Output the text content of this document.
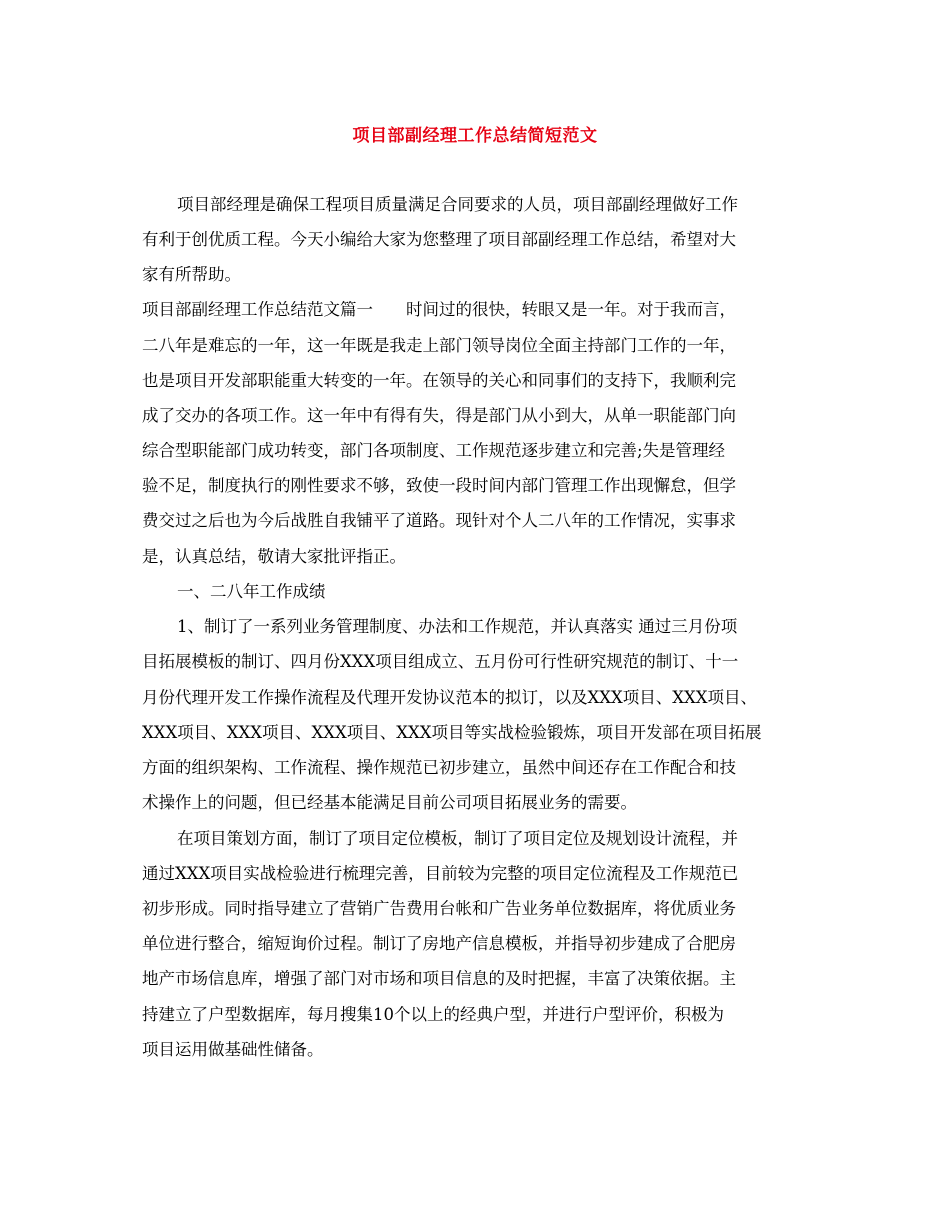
项目部副经理工作总结简短范文
项目部经理是确保工程项目质量满足合同要求的人员，项目部副经理做好工作
有利于创优质工程。今天小编给大家为您整理了项目部副经理工作总结，希望对大
家有所帮助。
项目部副经理工作总结范文篇一　　时间过的很快，转眼又是一年。对于我而言，
二八年是难忘的一年，这一年既是我走上部门领导岗位全面主持部门工作的一年，
也是项目开发部职能重大转变的一年。在领导的关心和同事们的支持下，我顺利完
成了交办的各项工作。这一年中有得有失，得是部门从小到大，从单一职能部门向
综合型职能部门成功转变，部门各项制度、工作规范逐步建立和完善;失是管理经
验不足，制度执行的刚性要求不够，致使一段时间内部门管理工作出现懈怠，但学
费交过之后也为今后战胜自我铺平了道路。现针对个人二八年的工作情况，实事求
是，认真总结，敬请大家批评指正。
一、二八年工作成绩
1、制订了一系列业务管理制度、办法和工作规范，并认真落实 通过三月份项
目拓展模板的制订、四月份XXX项目组成立、五月份可行性研究规范的制订、十一
月份代理开发工作操作流程及代理开发协议范本的拟订，以及XXX项目、XXX项目、
XXX项目、XXX项目、XXX项目、XXX项目等实战检验锻炼，项目开发部在项目拓展
方面的组织架构、工作流程、操作规范已初步建立，虽然中间还存在工作配合和技
术操作上的问题，但已经基本能满足目前公司项目拓展业务的需要。
在项目策划方面，制订了项目定位模板，制订了项目定位及规划设计流程，并
通过XXX项目实战检验进行梳理完善，目前较为完整的项目定位流程及工作规范已
初步形成。同时指导建立了营销广告费用台帐和广告业务单位数据库，将优质业务
单位进行整合，缩短询价过程。制订了房地产信息模板，并指导初步建成了合肥房
地产市场信息库，增强了部门对市场和项目信息的及时把握，丰富了决策依据。主
持建立了户型数据库，每月搜集10个以上的经典户型，并进行户型评价，积极为
项目运用做基础性储备。
